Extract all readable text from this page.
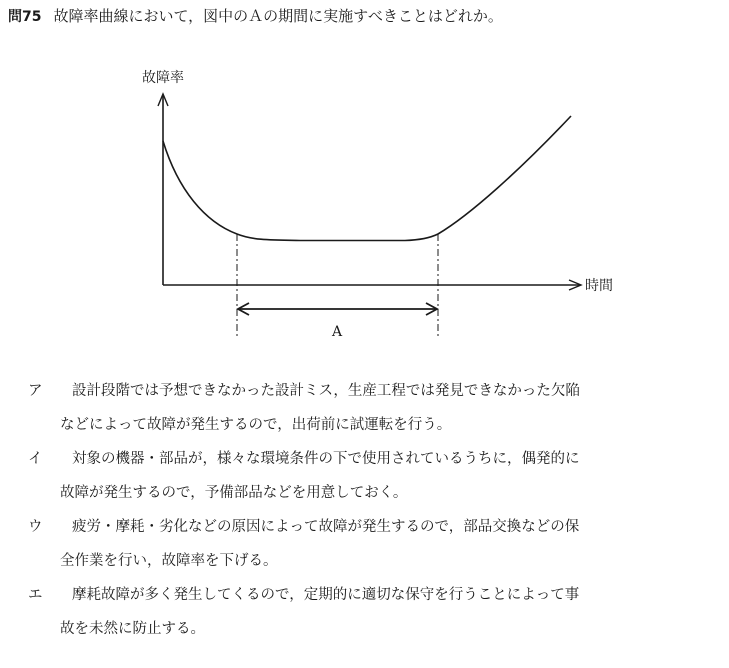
問75 故障率曲線において，図中のＡの期間に実施すべきことはどれか。
故障率
時間
A
ア	設計段階では予想できなかった設計ミス，生産工程では発見できなかった欠陥
などによって故障が発生するので，出荷前に試運転を行う。
イ	対象の機器・部品が，様々な環境条件の下で使用されているうちに，偶発的に
故障が発生するので，予備部品などを用意しておく。
ウ	疲労・摩耗・劣化などの原因によって故障が発生するので，部品交換などの保
全作業を行い，故障率を下げる。
エ	摩耗故障が多く発生してくるので，定期的に適切な保守を行うことによって事
故を未然に防止する。
